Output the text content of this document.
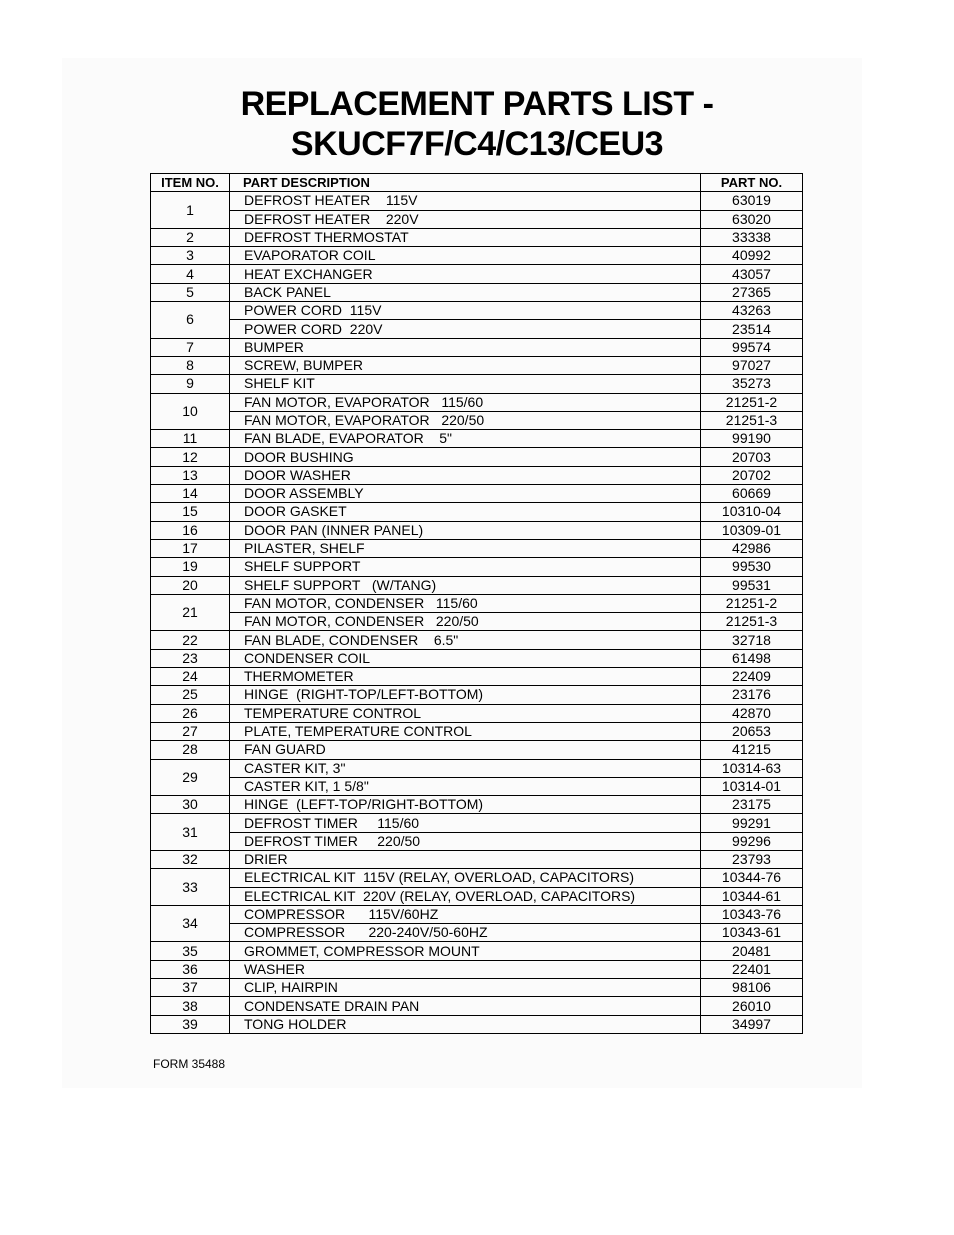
REPLACEMENT PARTS LIST -
SKUCF7F/C4/C13/CEU3
ITEM NO.	PART DESCRIPTION	PART NO.
1	DEFROST HEATER    115V	63019
	DEFROST HEATER    220V	63020
2	DEFROST THERMOSTAT	33338
3	EVAPORATOR COIL	40992
4	HEAT EXCHANGER	43057
5	BACK PANEL	27365
6	POWER CORD  115V	43263
	POWER CORD  220V	23514
7	BUMPER	99574
8	SCREW, BUMPER	97027
9	SHELF KIT	35273
10	FAN MOTOR, EVAPORATOR   115/60	21251-2
	FAN MOTOR, EVAPORATOR   220/50	21251-3
11	FAN BLADE, EVAPORATOR    5"	99190
12	DOOR BUSHING	20703
13	DOOR WASHER	20702
14	DOOR ASSEMBLY	60669
15	DOOR GASKET	10310-04
16	DOOR PAN (INNER PANEL)	10309-01
17	PILASTER, SHELF	42986
19	SHELF SUPPORT	99530
20	SHELF SUPPORT   (W/TANG)	99531
21	FAN MOTOR, CONDENSER   115/60	21251-2
	FAN MOTOR, CONDENSER   220/50	21251-3
22	FAN BLADE, CONDENSER    6.5"	32718
23	CONDENSER COIL	61498
24	THERMOMETER	22409
25	HINGE  (RIGHT-TOP/LEFT-BOTTOM)	23176
26	TEMPERATURE CONTROL	42870
27	PLATE, TEMPERATURE CONTROL	20653
28	FAN GUARD	41215
29	CASTER KIT, 3"	10314-63
	CASTER KIT, 1 5/8"	10314-01
30	HINGE  (LEFT-TOP/RIGHT-BOTTOM)	23175
31	DEFROST TIMER     115/60	99291
	DEFROST TIMER     220/50	99296
32	DRIER	23793
33	ELECTRICAL KIT  115V (RELAY, OVERLOAD, CAPACITORS)	10344-76
	ELECTRICAL KIT  220V (RELAY, OVERLOAD, CAPACITORS)	10344-61
34	COMPRESSOR      115V/60HZ	10343-76
	COMPRESSOR      220-240V/50-60HZ	10343-61
35	GROMMET, COMPRESSOR MOUNT	20481
36	WASHER	22401
37	CLIP, HAIRPIN	98106
38	CONDENSATE DRAIN PAN	26010
39	TONG HOLDER	34997
FORM 35488
